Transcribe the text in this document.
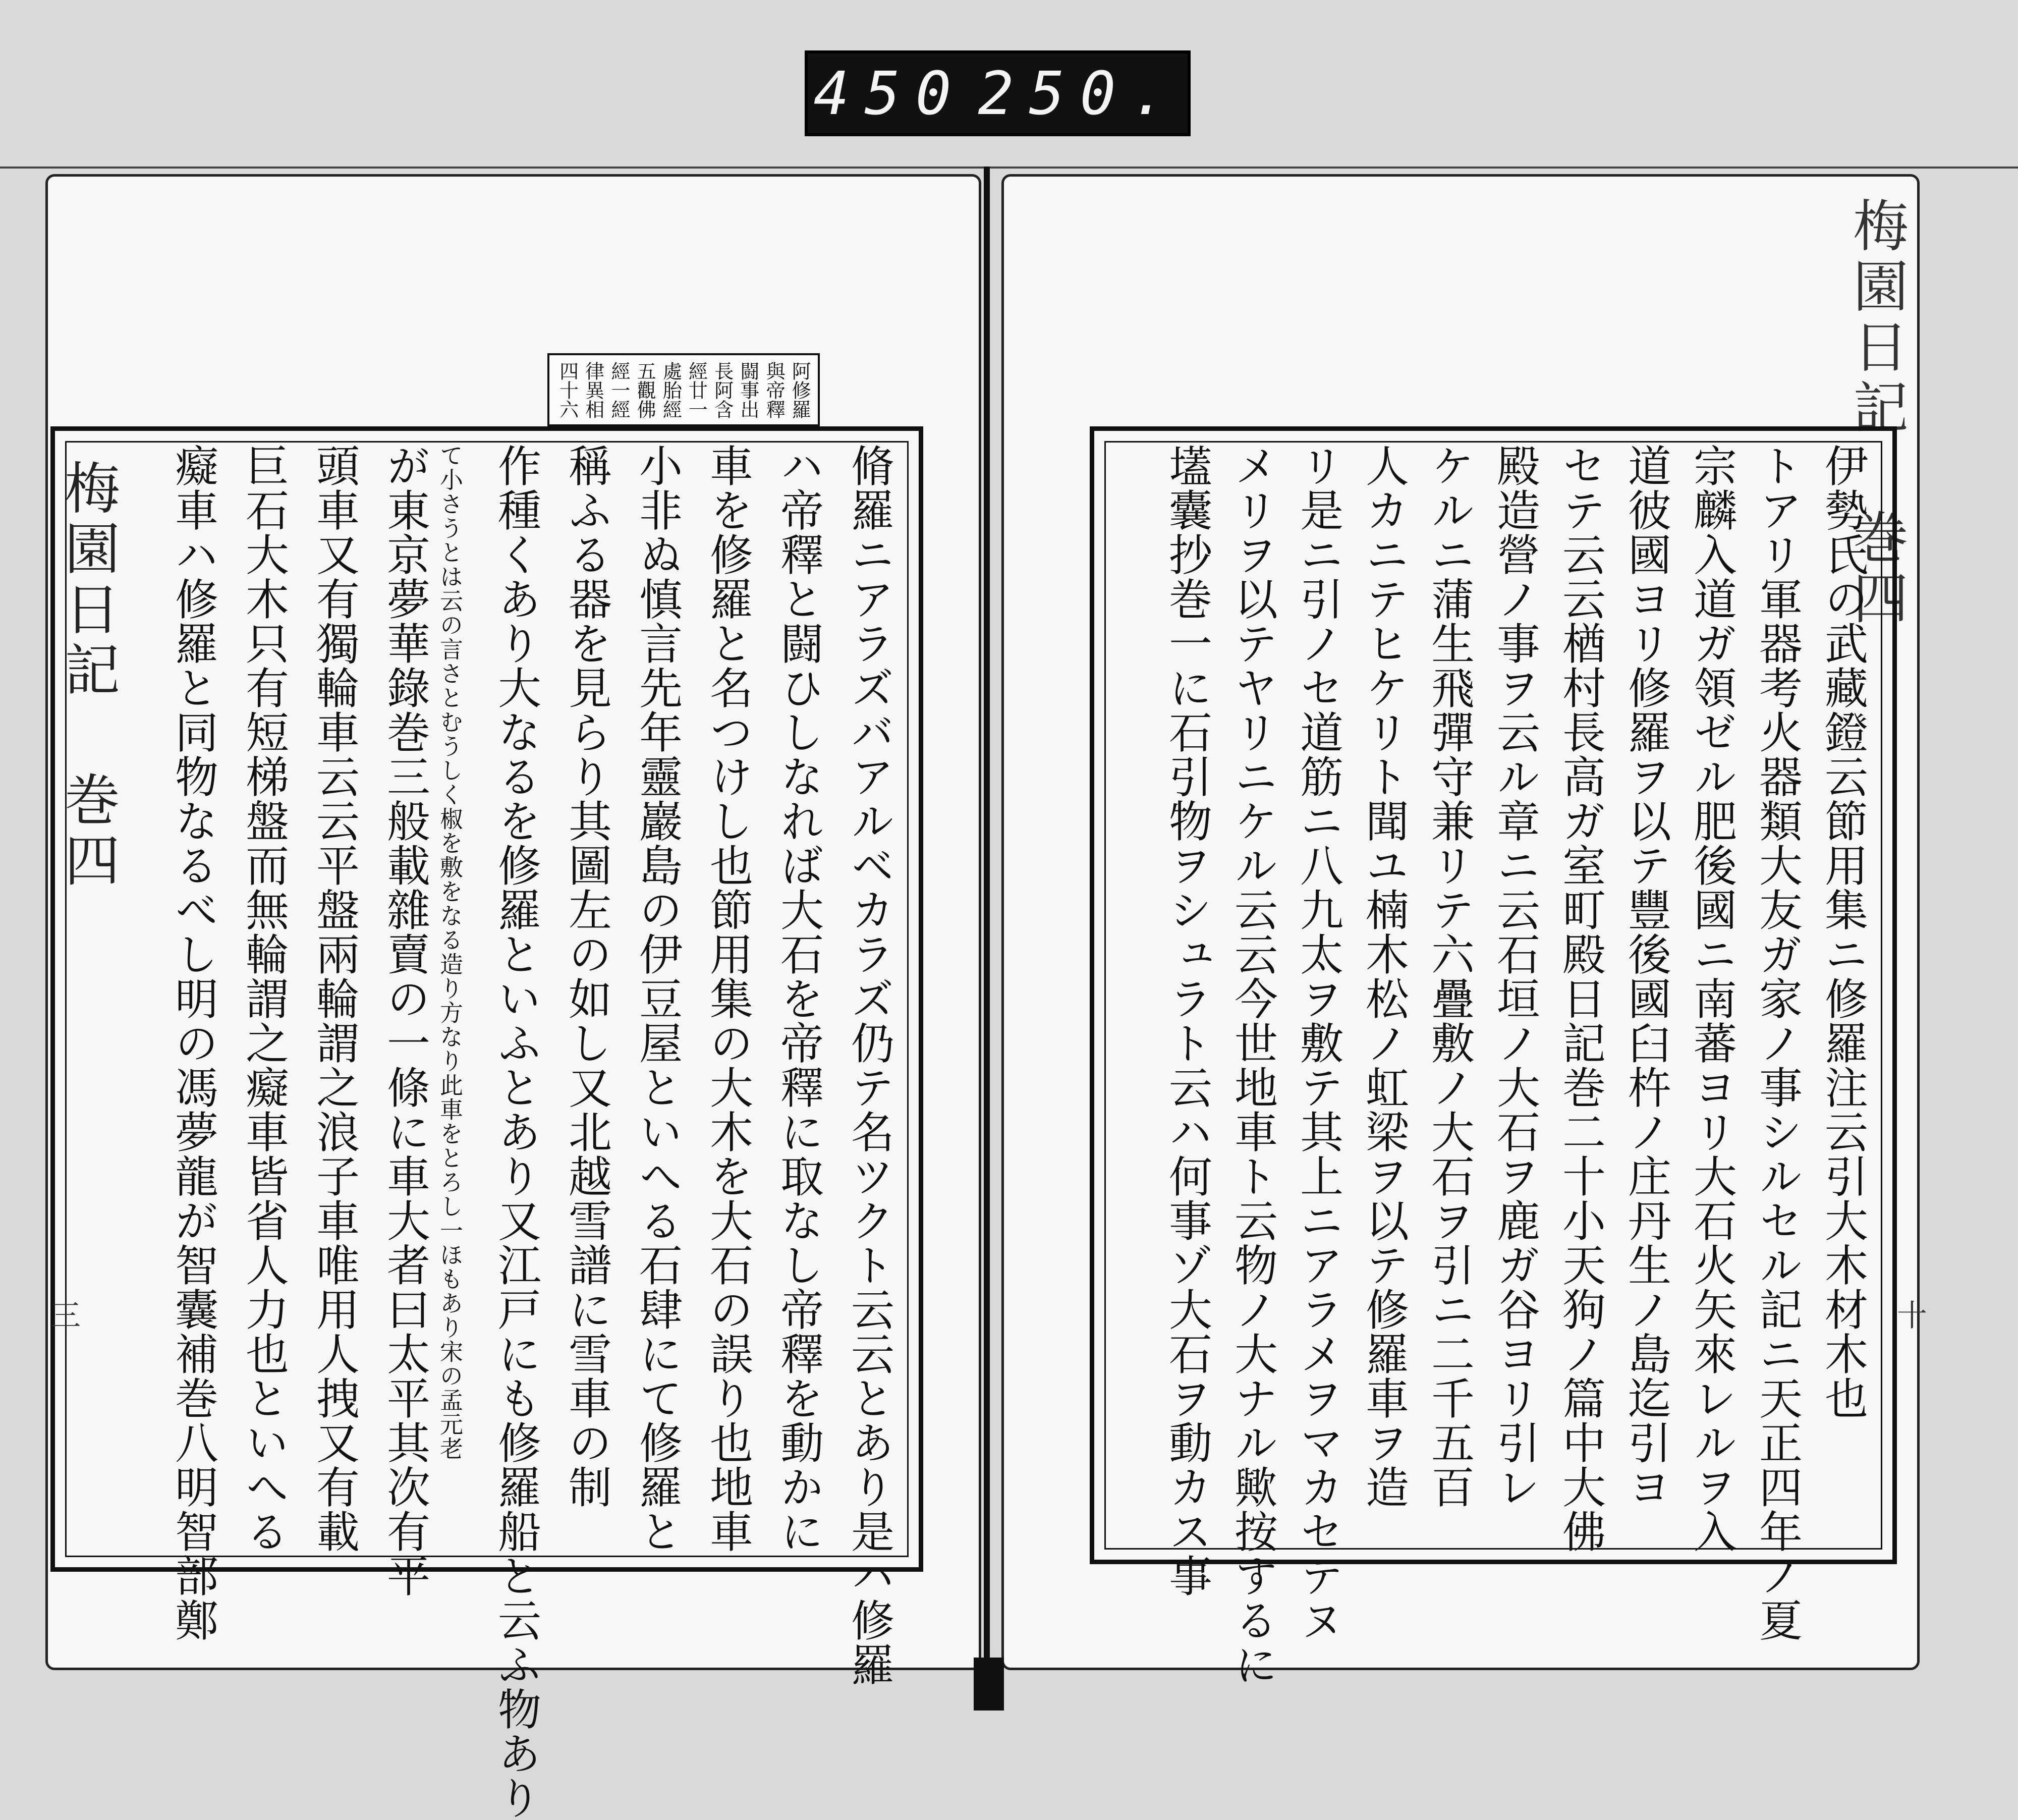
450 250.
梅園日記 巻四
梅園日記 巻四
阿修羅
與帝釋
闘事出
長阿含
經廿一
處胎經
五觀佛
經一經
律異相
四十六
伊勢氏の武藏鐙云節用集ニ修羅注云引大木材木也
トアリ軍器考火器類大友ガ家ノ事シルセル記ニ天正四年ノ夏
宗麟入道ガ領ゼル肥後國ニ南蕃ヨリ大石火矢來レルヲ入
道彼國ヨリ修羅ヲ以テ豐後國臼杵ノ庄丹生ノ島迄引ヨ
セテ云云楢村長高ガ室町殿日記巻二十小天狗ノ篇中大佛
殿造營ノ事ヲ云ル章ニ云石垣ノ大石ヲ鹿ガ谷ヨリ引レ
ケルニ蒲生飛彈守兼リテ六疊敷ノ大石ヲ引ニ二千五百
人カニテヒケリト聞ユ楠木松ノ虹梁ヲ以テ修羅車ヲ造
リ是ニ引ノセ道筋ニ八九太ヲ敷テ其上ニアラメヲマカセテヌ
メリヲ以テヤリニケル云云今世地車ト云物ノ大ナル歟按するに
壒囊抄巻一に石引物ヲシュラト云ハ何事ゾ大石ヲ動カス事
脩羅ニアラズバアルベカラズ仍テ名ツクト云云とあり是ハ修羅
ハ帝釋と闘ひしなれば大石を帝釋に取なし帝釋を動かに
車を修羅と名つけし也節用集の大木を大石の誤り也地車
小非ぬ慎言先年靈巖島の伊豆屋といへる石肆にて修羅と
稱ふる器を見らり其圖左の如し又北越雪譜に雪車の制
作種くあり大なるを修羅といふとあり又江戸にも修羅船と云ふ物あり
て小さうとは云の言さとむうしく椒を敷をなる造り方なり此車をとろし一ほもあり宋の孟元老
が東京夢華錄巻三般載雜賣の一條に車大者曰太平其次有平
頭車又有獨輪車云云平盤兩輪謂之浪子車唯用人拽又有載
巨石大木只有短梯盤而無輪謂之癡車皆省人力也といへる
癡車ハ修羅と同物なるべし明の馮夢龍が智囊補巻八明智部鄭
三	十
